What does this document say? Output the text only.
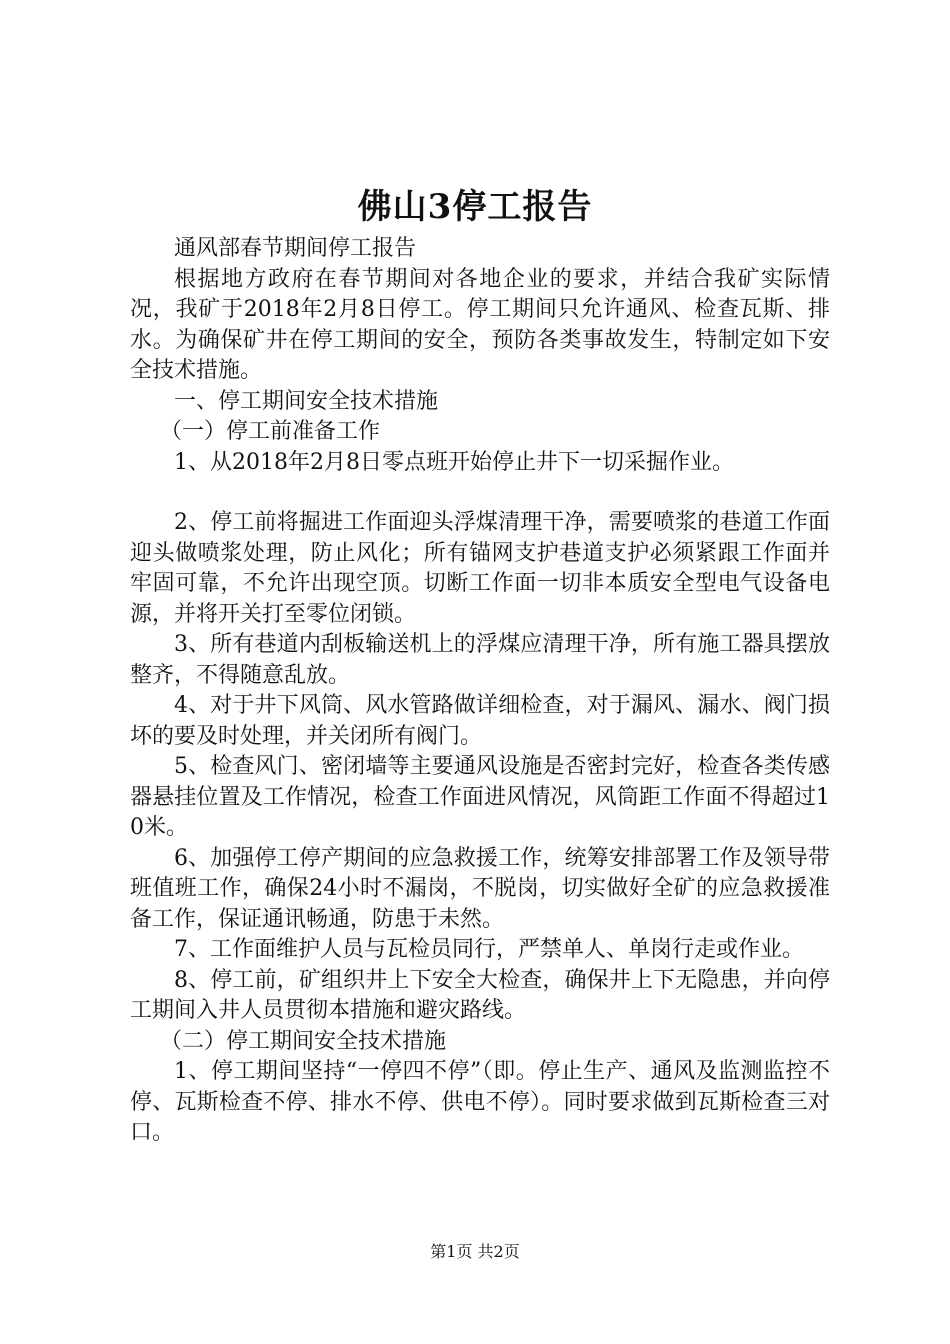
佛山3停工报告

通风部春节期间停工报告

根据地方政府在春节期间对各地企业的要求，并结合我矿实际情况，我矿于2018年2月8日停工。停工期间只允许通风、检查瓦斯、排水。为确保矿井在停工期间的安全，预防各类事故发生，特制定如下安全技术措施。

一、停工期间安全技术措施

（一）停工前准备工作

1、从2018年2月8日零点班开始停止井下一切采掘作业。

2、停工前将掘进工作面迎头浮煤清理干净，需要喷浆的巷道工作面迎头做喷浆处理，防止风化；所有锚网支护巷道支护必须紧跟工作面并牢固可靠，不允许出现空顶。切断工作面一切非本质安全型电气设备电源，并将开关打至零位闭锁。

3、所有巷道内刮板输送机上的浮煤应清理干净，所有施工器具摆放整齐，不得随意乱放。

4、对于井下风筒、风水管路做详细检查，对于漏风、漏水、阀门损坏的要及时处理，并关闭所有阀门。

5、检查风门、密闭墙等主要通风设施是否密封完好，检查各类传感器悬挂位置及工作情况，检查工作面进风情况，风筒距工作面不得超过10米。

6、加强停工停产期间的应急救援工作，统筹安排部署工作及领导带班值班工作，确保24小时不漏岗，不脱岗，切实做好全矿的应急救援准备工作，保证通讯畅通，防患于未然。

7、工作面维护人员与瓦检员同行，严禁单人、单岗行走或作业。

8、停工前，矿组织井上下安全大检查，确保井上下无隐患，并向停工期间入井人员贯彻本措施和避灾路线。

（二）停工期间安全技术措施

1、停工期间坚持“一停四不停”（即。停止生产、通风及监测监控不停、瓦斯检查不停、排水不停、供电不停）。同时要求做到瓦斯检查三对口。

第1页 共2页
